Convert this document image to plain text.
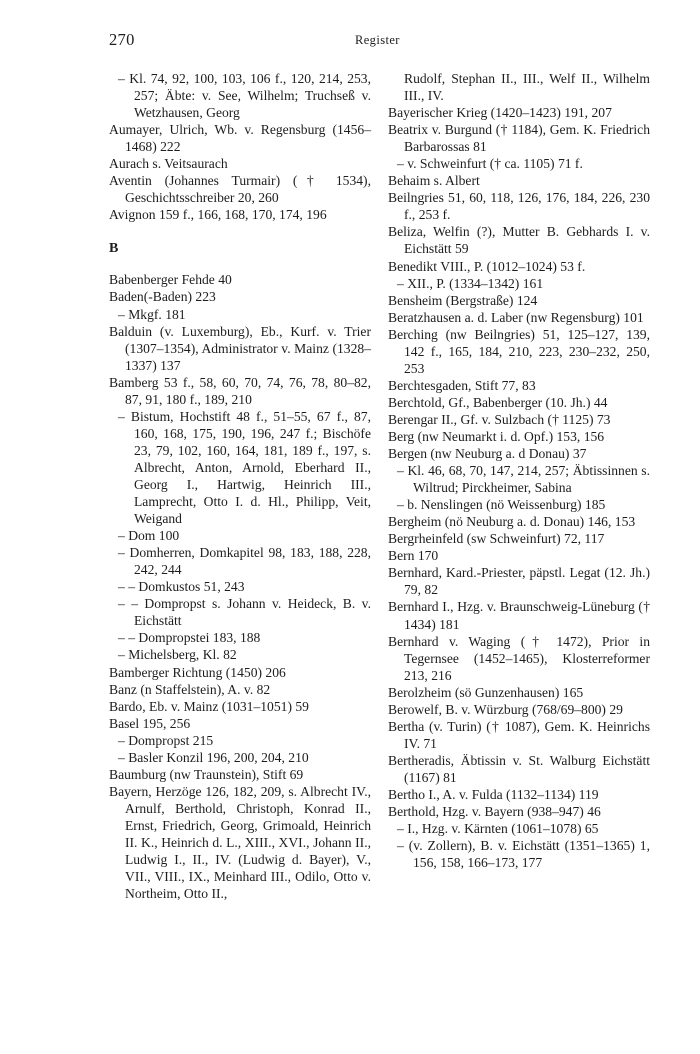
270	Register

– Kl. 74, 92, 100, 103, 106 f., 120, 214, 253, 257; Äbte: v. See, Wilhelm; Truchseß v. Wetzhausen, Georg

Aumayer, Ulrich, Wb. v. Regensburg (1456–1468) 222

Aurach s. Veitsaurach

Aventin (Johannes Turmair) († 1534), Geschichtsschreiber 20, 260

Avignon 159 f., 166, 168, 170, 174, 196

B

Babenberger Fehde 40

Baden(-Baden) 223

– Mkgf. 181

Balduin (v. Luxemburg), Eb., Kurf. v. Trier (1307–1354), Administrator v. Mainz (1328–1337) 137

Bamberg 53 f., 58, 60, 70, 74, 76, 78, 80–82, 87, 91, 180 f., 189, 210

– Bistum, Hochstift 48 f., 51–55, 67 f., 87, 160, 168, 175, 190, 196, 247 f.; Bischöfe 23, 79, 102, 160, 164, 181, 189 f., 197, s. Albrecht, Anton, Arnold, Eberhard II., Georg I., Hartwig, Heinrich III., Lamprecht, Otto I. d. Hl., Philipp, Veit, Weigand

– Dom 100

– Domherren, Domkapitel 98, 183, 188, 228, 242, 244

– – Domkustos 51, 243

– – Dompropst s. Johann v. Heideck, B. v. Eichstätt

– – Dompropstei 183, 188

– Michelsberg, Kl. 82

Bamberger Richtung (1450) 206

Banz (n Staffelstein), A. v. 82

Bardo, Eb. v. Mainz (1031–1051) 59

Basel 195, 256

– Dompropst 215

– Basler Konzil 196, 200, 204, 210

Baumburg (nw Traunstein), Stift 69

Bayern, Herzöge 126, 182, 209, s. Albrecht IV., Arnulf, Berthold, Christoph, Konrad II., Ernst, Friedrich, Georg, Grimoald, Heinrich II. K., Heinrich d. L., XIII., XVI., Johann II., Ludwig I., II., IV. (Ludwig d. Bayer), V., VII., VIII., IX., Meinhard III., Odilo, Otto v. Northeim, Otto II.,

Rudolf, Stephan II., III., Welf II., Wilhelm III., IV.

Bayerischer Krieg (1420–1423) 191, 207

Beatrix v. Burgund († 1184), Gem. K. Friedrich Barbarossas 81

– v. Schweinfurt († ca. 1105) 71 f.

Behaim s. Albert

Beilngries 51, 60, 118, 126, 176, 184, 226, 230 f., 253 f.

Beliza, Welfin (?), Mutter B. Gebhards I. v. Eichstätt 59

Benedikt VIII., P. (1012–1024) 53 f.

– XII., P. (1334–1342) 161

Bensheim (Bergstraße) 124

Beratzhausen a. d. Laber (nw Regensburg) 101

Berching (nw Beilngries) 51, 125–127, 139, 142 f., 165, 184, 210, 223, 230–232, 250, 253

Berchtesgaden, Stift 77, 83

Berchtold, Gf., Babenberger (10. Jh.) 44

Berengar II., Gf. v. Sulzbach († 1125) 73

Berg (nw Neumarkt i. d. Opf.) 153, 156

Bergen (nw Neuburg a. d Donau) 37

– Kl. 46, 68, 70, 147, 214, 257; Äbtissinnen s. Wiltrud; Pirckheimer, Sabina

– b. Nenslingen (nö Weissenburg) 185

Bergheim (nö Neuburg a. d. Donau) 146, 153

Bergrheinfeld (sw Schweinfurt) 72, 117

Bern 170

Bernhard, Kard.-Priester, päpstl. Legat (12. Jh.) 79, 82

Bernhard I., Hzg. v. Braunschweig-Lüneburg († 1434) 181

Bernhard v. Waging († 1472), Prior in Tegernsee (1452–1465), Klosterreformer 213, 216

Berolzheim (sö Gunzenhausen) 165

Berowelf, B. v. Würzburg (768/69–800) 29

Bertha (v. Turin) († 1087), Gem. K. Heinrichs IV. 71

Bertheradis, Äbtissin v. St. Walburg Eichstätt (1167) 81

Bertho I., A. v. Fulda (1132–1134) 119

Berthold, Hzg. v. Bayern (938–947) 46

– I., Hzg. v. Kärnten (1061–1078) 65

– (v. Zollern), B. v. Eichstätt (1351–1365) 1, 156, 158, 166–173, 177
